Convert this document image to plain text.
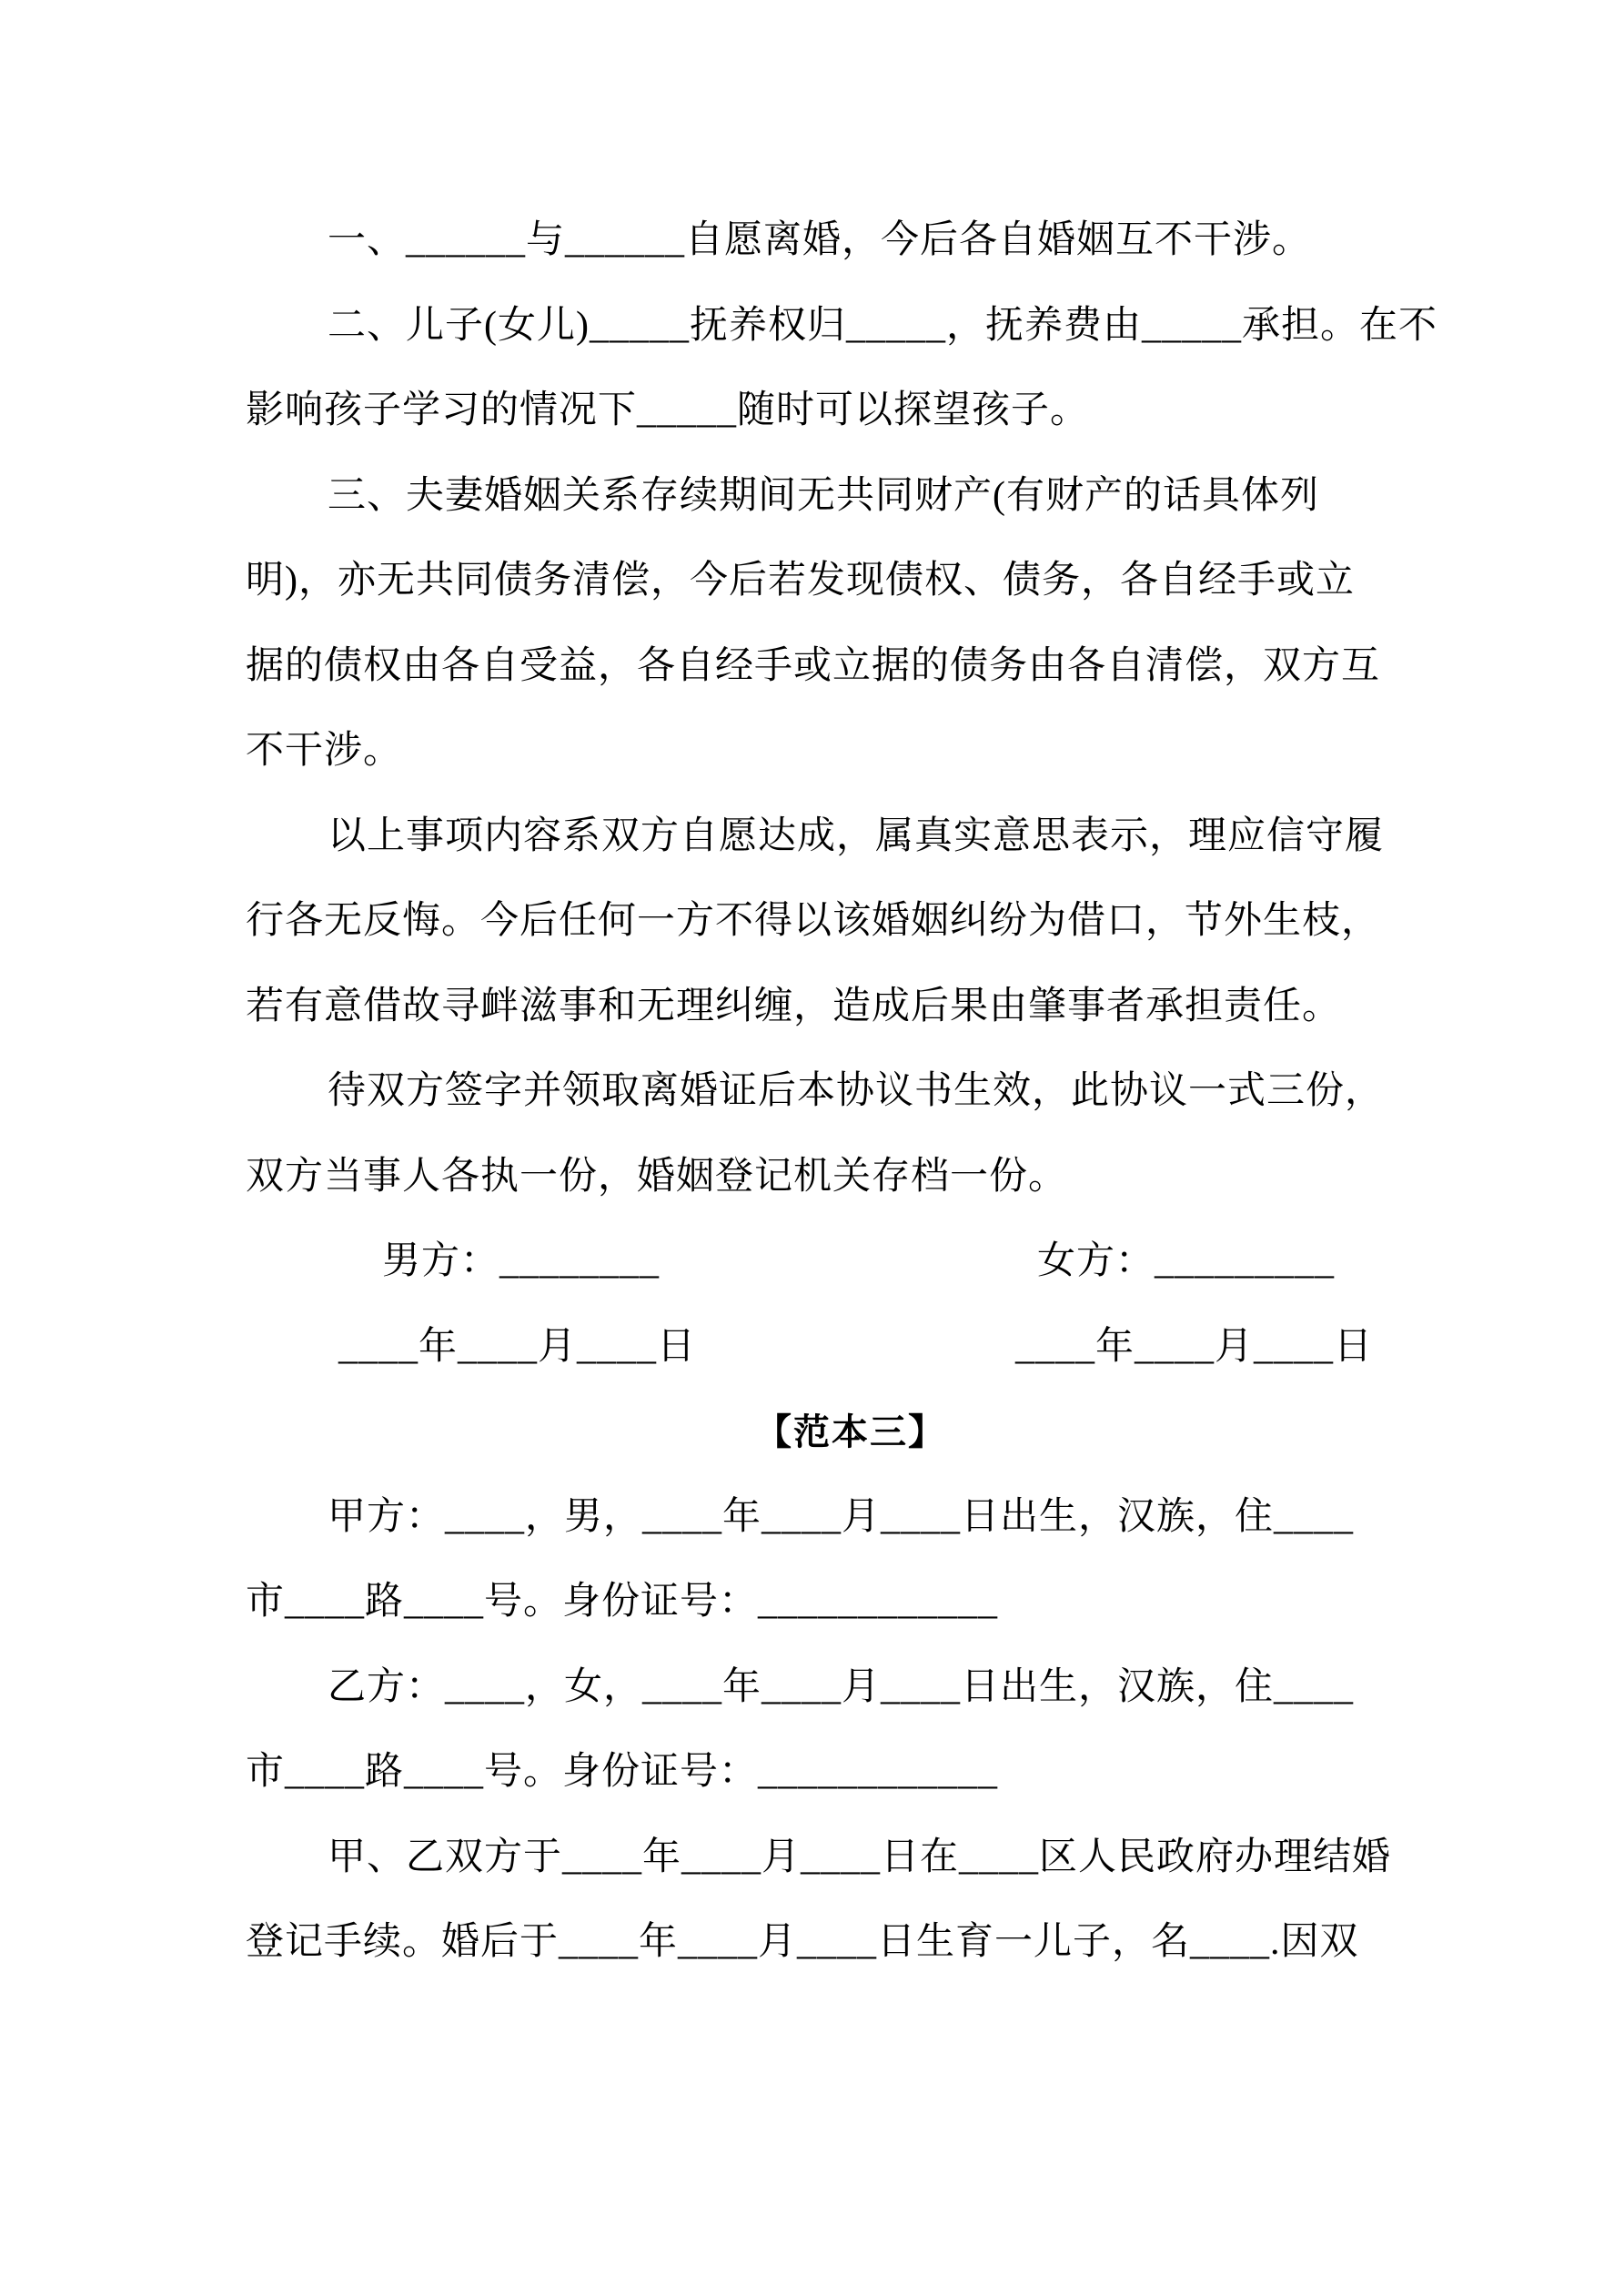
一、______与______自愿离婚，今后各自婚姻互不干涉。
二、儿子(女儿)_____抚养权归_____，抚养费由_____承担。在不
影响孩子学习的情况下_____随时可以探望孩子。
三、夫妻婚姻关系存续期间无共同财产(有财产的话具体列
明)，亦无共同债务清偿，今后若发现债权、债务，各自经手或立
据的债权由各自受益，各自经手或立据的债务由各自清偿，双方互
不干涉。
以上事项内容系双方自愿达成，属真实意思表示，理应信守履
行各无反悔。今后任何一方不得以该婚姻纠纷为借口，节外生枝，
若有意借故寻衅滋事和无理纠缠，造成后果由肇事者承担责任。
待双方签字并领取离婚证后本协议书生效，此协议一式三份，
双方当事人各执一份，婚姻登记机关存档一份。
男方：________	女方：_________
____年____月____日	____年____月____日
【范本三】
甲方：____，男，____年____月____日出生，汉族，住____
市____路____号。身份证号：____________
乙方：____，女，____年____月____日出生，汉族，住____
市____路____号。身份证号：____________
甲、乙双方于____年____月____日在____区人民政府办理结婚
登记手续。婚后于____年____月____日生育一儿子，名____.因双
